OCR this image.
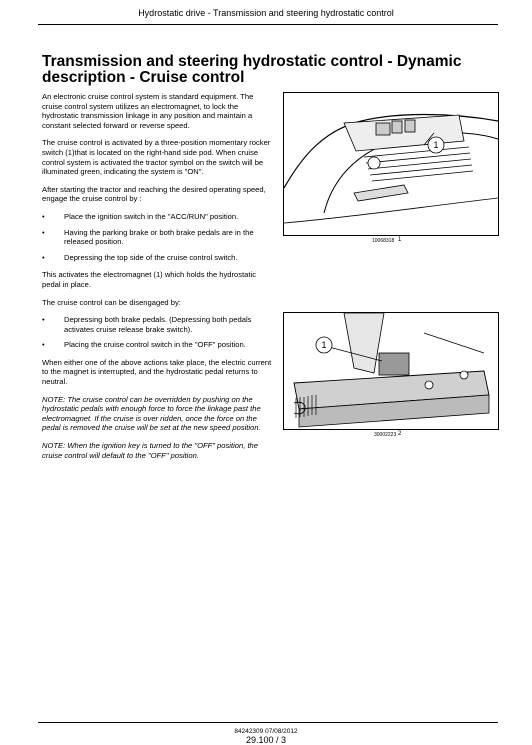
Hydrostatic drive - Transmission and steering hydrostatic control
Transmission and steering hydrostatic control - Dynamic description - Cruise control

An electronic cruise control system is standard equipment. The cruise control system utilizes an electromagnet, to lock the hydrostatic transmission linkage in any position and maintain a constant selected forward or reverse speed.

The cruise control is activated by a three-position momentary rocker switch (1)that is located on the right-hand side pod. When cruise control system is activated the tractor symbol on the switch will be illuminated green, indicating the system is "ON".

After starting the tractor and reaching the desired operating speed, engage the cruise control by :

•	Place the ignition switch in the "ACC/RUN" position.
•	Having the parking brake or both brake pedals are in the released position.
•	Depressing the top side of the cruise control switch.

This activates the electromagnet (1) which holds the hydrostatic pedal in place.

The cruise control can be disengaged by:

•	Depressing both brake pedals. (Depressing both pedals activates cruise release brake switch).
•	Placing the cruise control switch in the "OFF" position.

When either one of the above actions take place, the electric current to the magnet is interrupted, and the hydrostatic pedal returns to neutral.

NOTE: The cruise control can be overridden by pushing on the hydrostatic pedals with enough force to force the linkage past the electromagnet. If the cruise is over ridden, once the force on the pedal is removed the cruise will be set at the new speed position.

NOTE: When the ignition key is turned to the "OFF" position, the cruise control will default to the "OFF" position.

1
10068318 1
1
30002223 2
84242309 07/08/2012
29.100 / 3
